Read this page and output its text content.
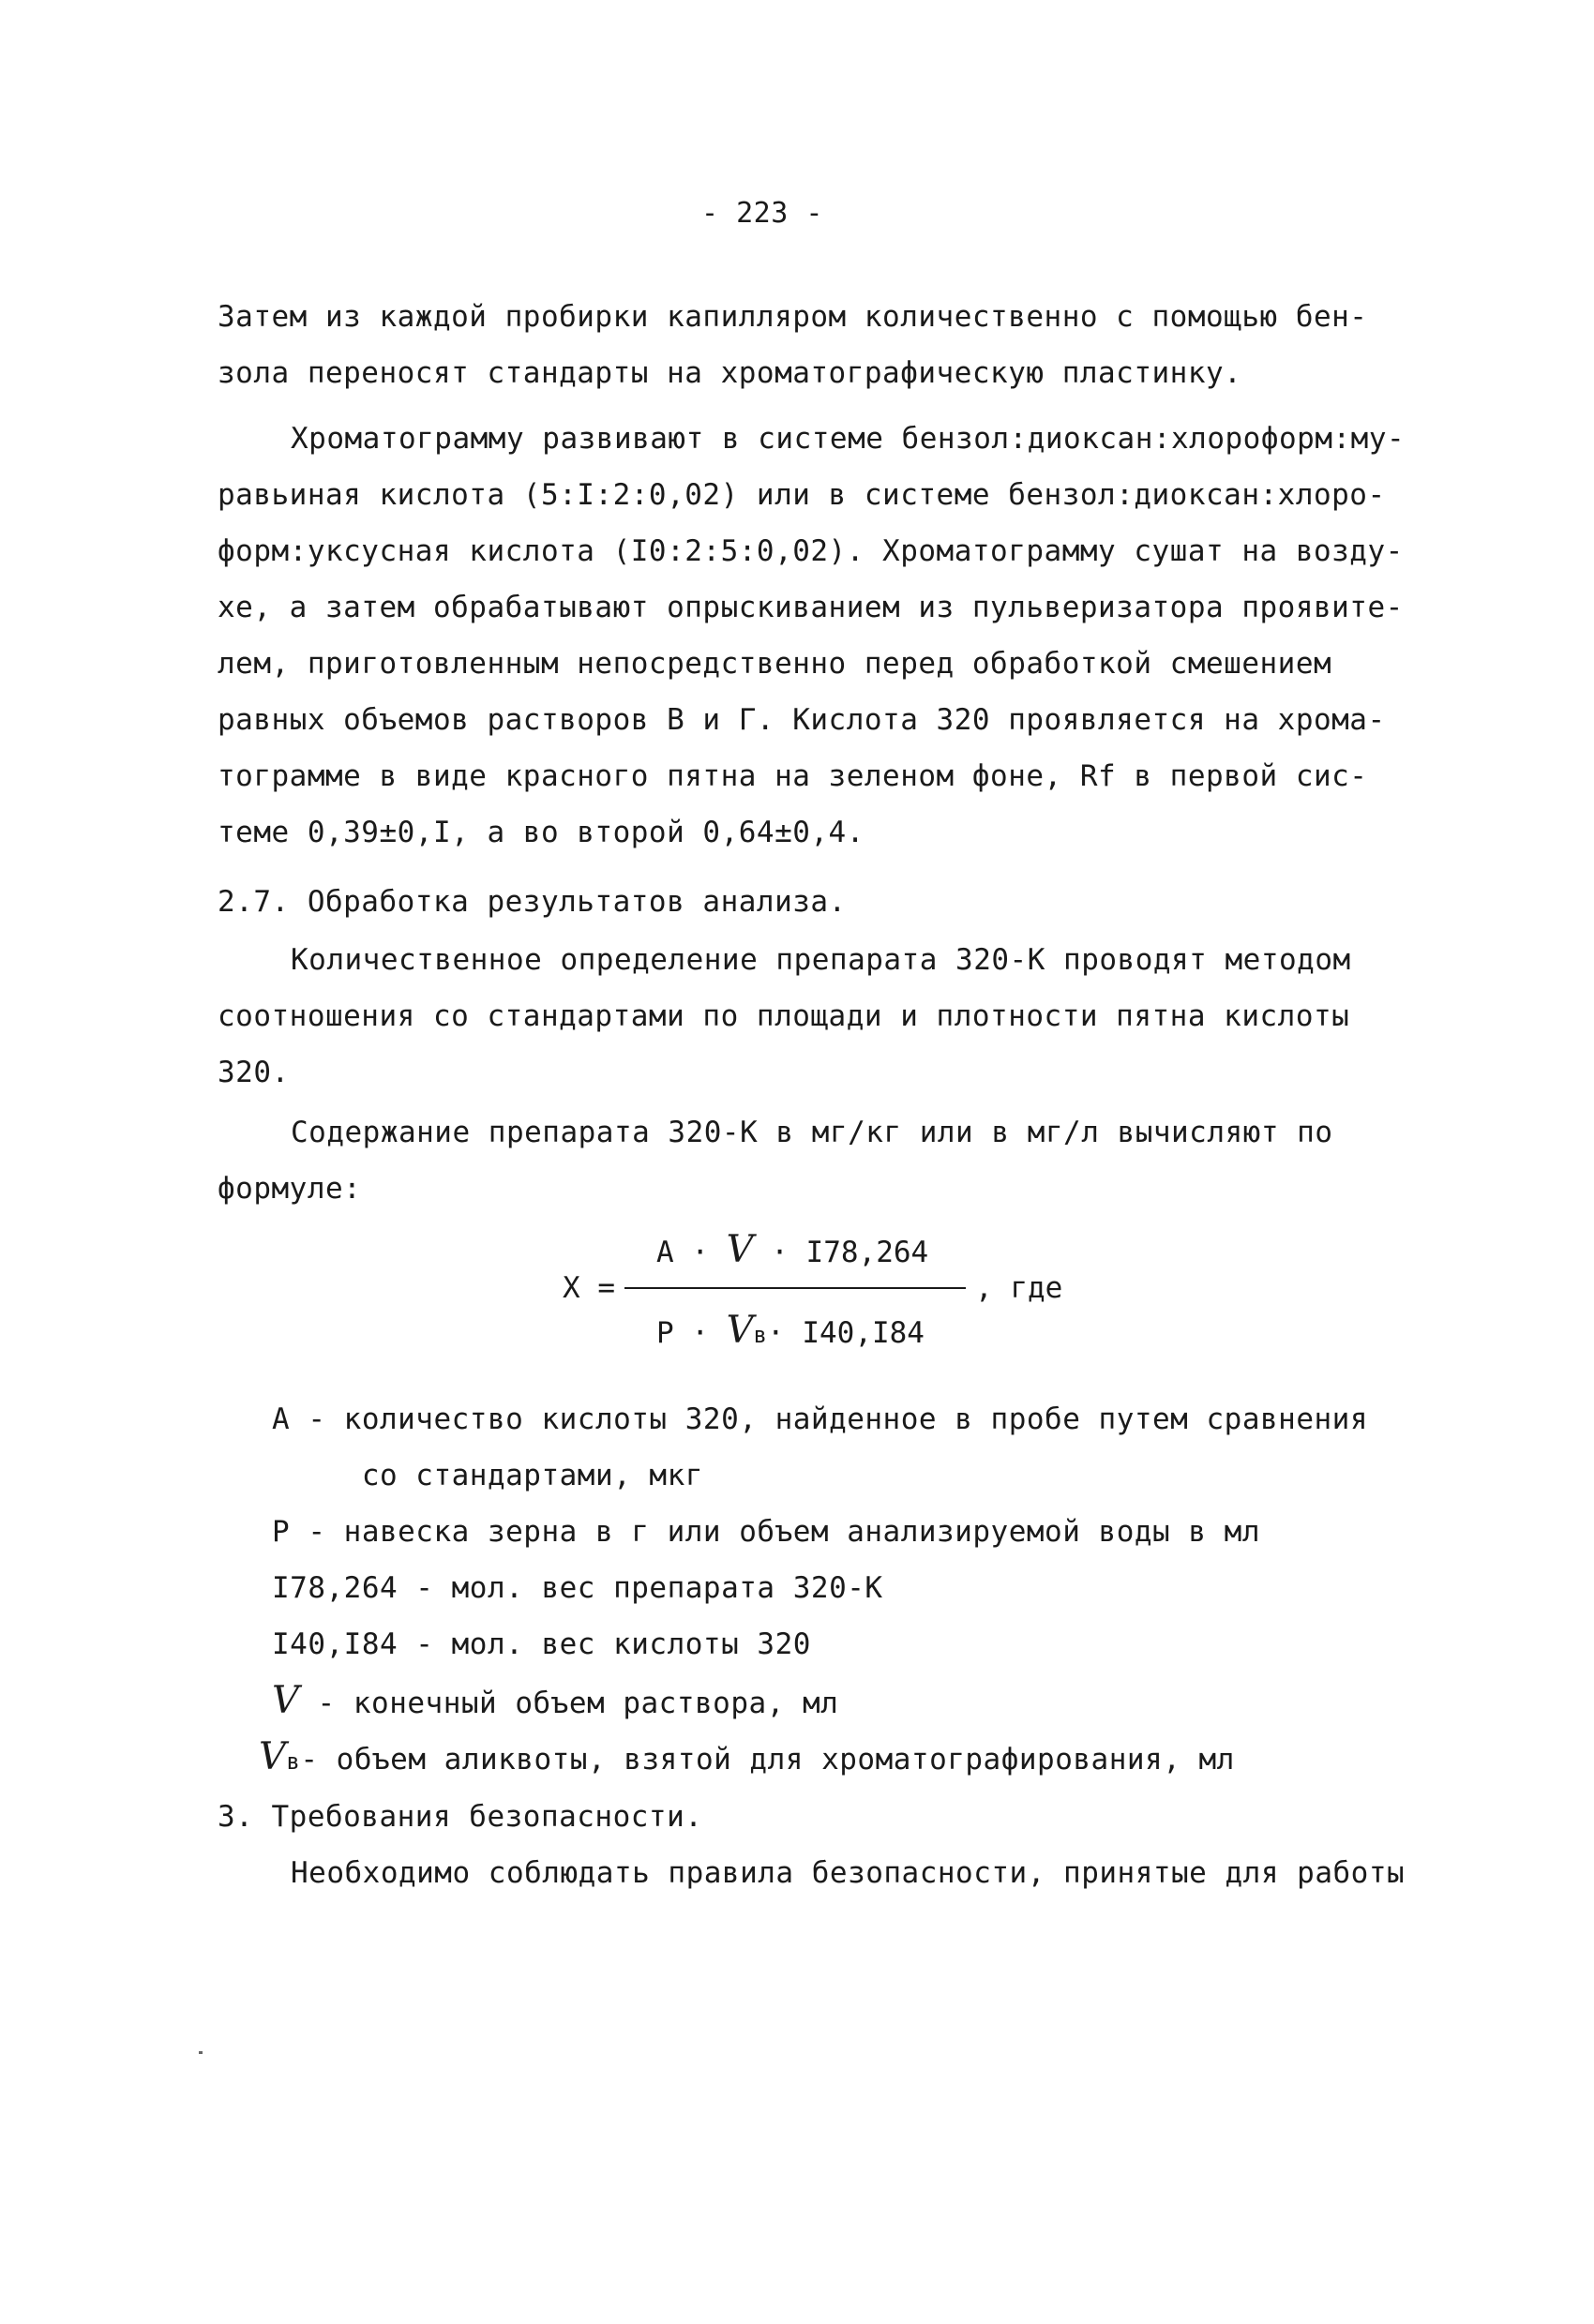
- 223 -
Затем из каждой пробирки капилляром количественно с помощью бен-
зола переносят стандарты на хроматографическую пластинку.
Хроматограмму развивают в системе бензол:диоксан:хлороформ:му-
равьиная кислота (5:I:2:0,02) или в системе бензол:диоксан:хлоро-
форм:уксусная кислота (I0:2:5:0,02). Хроматограмму сушат на возду-
хе, а затем обрабатывают опрыскиванием из пульверизатора проявите-
лем, приготовленным непосредственно перед обработкой смешением
равных объемов растворов В и Г. Кислота 320 проявляется на хрома-
тограмме в виде красного пятна на зеленом фоне, Rf в первой сис-
теме 0,39±0,I, а во второй 0,64±0,4.
2.7. Обработка результатов анализа.
Количественное определение препарата 320-К проводят методом
соотношения со стандартами по площади и плотности пятна кислоты
320.
Содержание препарата 320-К в мг/кг или в мг/л вычисляют по
формуле:
X =
A · V · I78,264
P · Vв· I40,I84
, где
A - количество кислоты 320, найденное в пробе путем сравнения
со стандартами, мкг
P - навеска зерна в г или объем анализируемой воды в мл
I78,264 - мол. вес препарата 320-К
I40,I84 - мол. вес кислоты 320
V - конечный объем раствора, мл
Vв- объем аликвоты, взятой для хроматографирования, мл
3. Требования безопасности.
Необходимо соблюдать правила безопасности, принятые для работы
